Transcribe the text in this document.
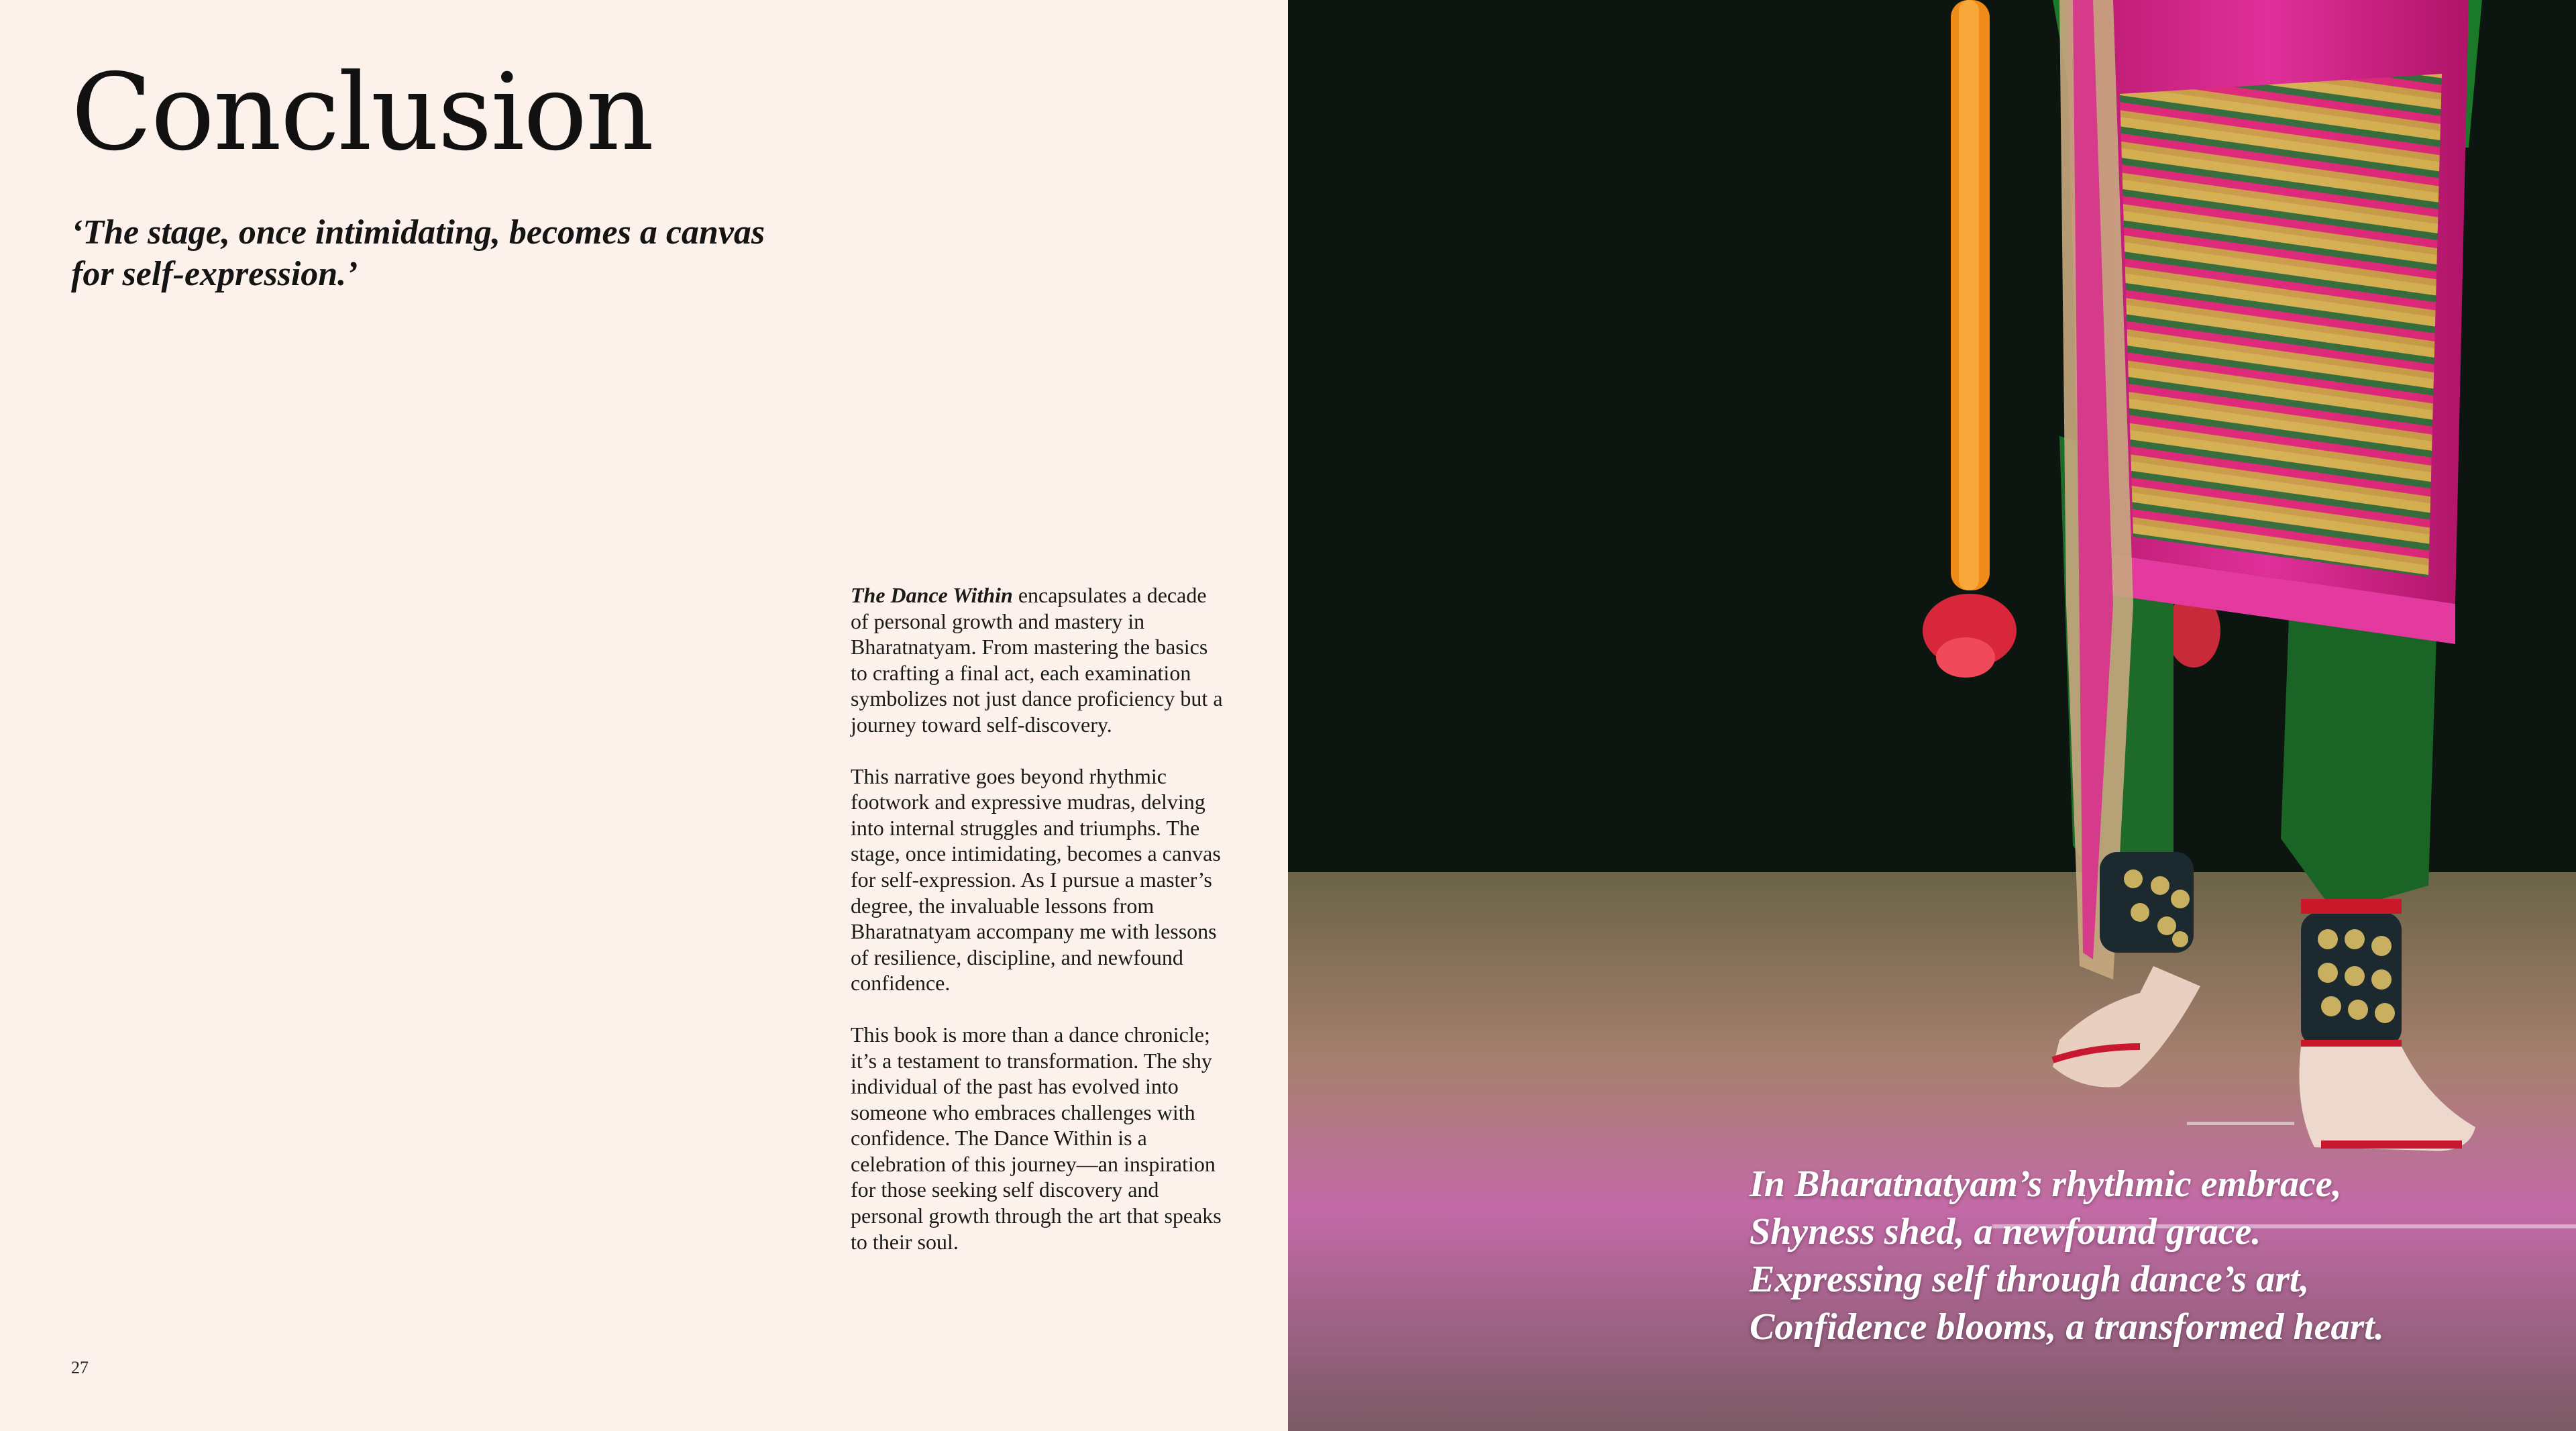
Conclusion
‘The stage, once intimidating, becomes a canvas for self-expression.’

The Dance Within encapsulates a decade of personal growth and mastery in Bharatnatyam. From mastering the basics to crafting a final act, each examination symbolizes not just dance proficiency but a journey toward self-discovery.

This narrative goes beyond rhythmic footwork and expressive mudras, delving into internal struggles and triumphs. The stage, once intimidating, becomes a canvas for self-expression. As I pursue a master’s degree, the invaluable lessons from Bharatnatyam accompany me with lessons of resilience, discipline, and newfound confidence.

This book is more than a dance chronicle; it’s a testament to transformation. The shy individual of the past has evolved into someone who embraces challenges with confidence. The Dance Within is a celebration of this journey—an inspiration for those seeking self discovery and personal growth through the art that speaks to their soul.

27
In Bharatnatyam’s rhythmic embrace,
Shyness shed, a newfound grace.
Expressing self through dance’s art,
Confidence blooms, a transformed heart.
